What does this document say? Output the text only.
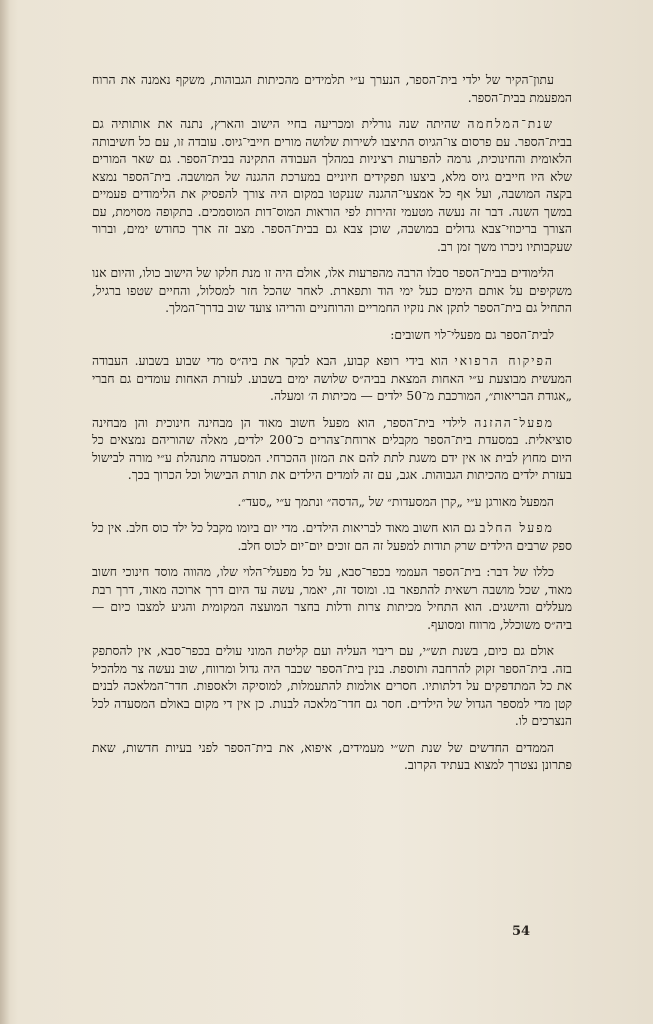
עתון־הקיר של ילדי בית־הספר, הנערך ע״י תלמידים מהכיתות הגבוהות, משקף נאמנה את הרוח המפעמת בבית־הספר.

שנת־המלחמה שהיתה שנה גורלית ומכריעה בחיי הישוב והארץ, נתנה את אותותיה גם בבית־הספר. עם פרסום צו־הגיוס התיצבו לשירות שלושה מורים חייבי־גיוס. עובדה זו, עם כל חשיבותה הלאומית והחינוכית, גרמה להפרעות רציניות במהלך העבודה התקינה בבית־הספר. גם שאר המורים שלא היו חייבים גיוס מלא, ביצעו תפקידים חיוניים במערכת ההגנה של המושבה. בית־הספר נמצא בקצה המושבה, ועל אף כל אמצעי־ההגנה שננקטו במקום היה צורך להפסיק את הלימודים פעמיים במשך השנה. דבר זה נעשה מטעמי זהירות לפי הוראות המוס־דות המוסמכים. בתקופה מסוימת, עם הצורך בריכוזי־צבא גדולים במושבה, שוכן צבא גם בבית־הספר. מצב זה ארך כחודש ימים, וברור שעקבותיו ניכרו משך זמן רב.

הלימודים בבית־הספר סבלו הרבה מהפרעות אלו, אולם היה זו מנת חלקו של הישוב כולו, והיום אנו משקיפים על אותם הימים כעל ימי הוד ותפארת. לאחר שהכל חזר למסלול, והחיים שטפו ברגיל, התחיל גם בית־הספר לתקן את נזקיו החמריים והרוחניים והריהו צועד שוב בדרך־המלך.

לבית־הספר גם מפעלי־לוי חשובים:

הפיקוח הרפואי הוא בידי רופא קבוע, הבא לבקר את ביה״ס מדי שבוע בשבוע. העבודה המעשית מבוצעת ע״י האחות המצאת בביה״ס שלושה ימים בשבוע. לעזרת האחות עומדים גם חברי „אגודת הבריאות״, המורכבת מ־50 ילדים — מכיתות ה׳ ומעלה.

מפעל־ההזנה לילדי בית־הספר, הוא מפעל חשוב מאוד הן מבחינה חינוכית והן מבחינה סוציאלית. במסעדת בית־הספר מקבלים ארוחת־צהרים כ־200 ילדים, מאלה שהוריהם נמצאים כל היום מחוץ לבית או אין ידם משגת לתת להם את המזון ההכרחי. המסעדה מתנהלת ע״י מורה לבישול בעזרת ילדים מהכיתות הגבוהות. אגב, עם זה לומדים הילדים את תורת הבישול וכל הכרוך בכך.

המפעל מאורגן ע״י „קרן המסעדות״ של „הדסה״ ונתמך ע״י „סעד״.

מפעל החלב גם הוא חשוב מאוד לבריאות הילדים. מדי יום ביומו מקבל כל ילד כוס חלב. אין כל ספק שרבים הילדים שרק תודות למפעל זה הם זוכים יום־יום לכוס חלב.

כללו של דבר: בית־הספר העממי בכפר־סבא, על כל מפעלי־הלוי שלו, מהווה מוסד חינוכי חשוב מאוד, שכל מושבה רשאית להתפאר בו. ומוסד זה, יאמר, עשה עד היום דרך ארוכה מאוד, דרך רבת מעללים והישגים. הוא התחיל מכיתות צרות ודלות בחצר המועצה המקומית והגיע למצבו כיום — ביה״ס משוכלל, מרווח ומסועף.

אולם גם כיום, בשנת תש״י, עם ריבוי העליה ועם קליטת המוני עולים בכפר־סבא, אין להסתפק בזה. בית־הספר זקוק להרחבה ותוספת. בנין בית־הספר שכבר היה גדול ומרווח, שוב נעשה צר מלהכיל את כל המתדפקים על דלתותיו. חסרים אולמות להתעמלות, למוסיקה ולאספות. חדר־המלאכה לבנים קטן מדי למספר הגדול של הילדים. חסר גם חדר־מלאכה לבנות. כן אין די מקום באולם המסעדה לכל הנצרכים לו.

הממדים החדשים של שנת תש״י מעמידים, איפוא, את בית־הספר לפני בעיות חדשות, שאת פתרונן נצטרך למצוא בעתיד הקרוב.

54
